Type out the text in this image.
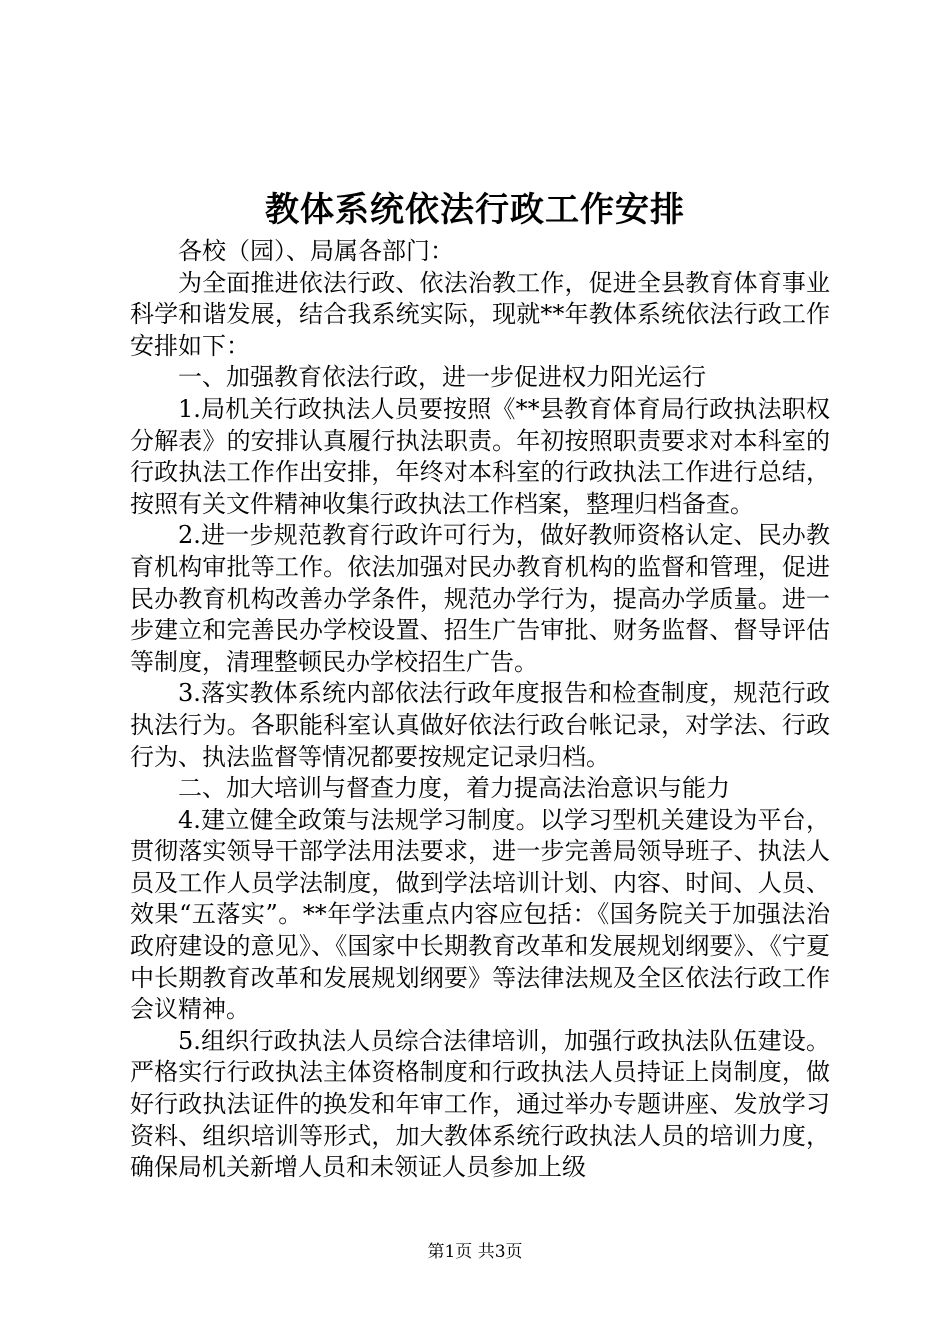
教体系统依法行政工作安排

各校（园）、局属各部门：

为全面推进依法行政、依法治教工作，促进全县教育体育事业科学和谐发展，结合我系统实际，现就**年教体系统依法行政工作安排如下：

一、加强教育依法行政，进一步促进权力阳光运行

1.局机关行政执法人员要按照《**县教育体育局行政执法职权分解表》的安排认真履行执法职责。年初按照职责要求对本科室的行政执法工作作出安排，年终对本科室的行政执法工作进行总结，按照有关文件精神收集行政执法工作档案，整理归档备查。

2.进一步规范教育行政许可行为，做好教师资格认定、民办教育机构审批等工作。依法加强对民办教育机构的监督和管理，促进民办教育机构改善办学条件，规范办学行为，提高办学质量。进一步建立和完善民办学校设置、招生广告审批、财务监督、督导评估等制度，清理整顿民办学校招生广告。

3.落实教体系统内部依法行政年度报告和检查制度，规范行政执法行为。各职能科室认真做好依法行政台帐记录，对学法、行政行为、执法监督等情况都要按规定记录归档。

二、加大培训与督查力度，着力提高法治意识与能力

4.建立健全政策与法规学习制度。以学习型机关建设为平台，贯彻落实领导干部学法用法要求，进一步完善局领导班子、执法人员及工作人员学法制度，做到学法培训计划、内容、时间、人员、效果“五落实”。**年学法重点内容应包括：《国务院关于加强法治政府建设的意见》、《国家中长期教育改革和发展规划纲要》、《宁夏中长期教育改革和发展规划纲要》等法律法规及全区依法行政工作会议精神。

5.组织行政执法人员综合法律培训，加强行政执法队伍建设。严格实行行政执法主体资格制度和行政执法人员持证上岗制度，做好行政执法证件的换发和年审工作，通过举办专题讲座、发放学习资料、组织培训等形式，加大教体系统行政执法人员的培训力度，确保局机关新增人员和未领证人员参加上级

第1页 共3页
